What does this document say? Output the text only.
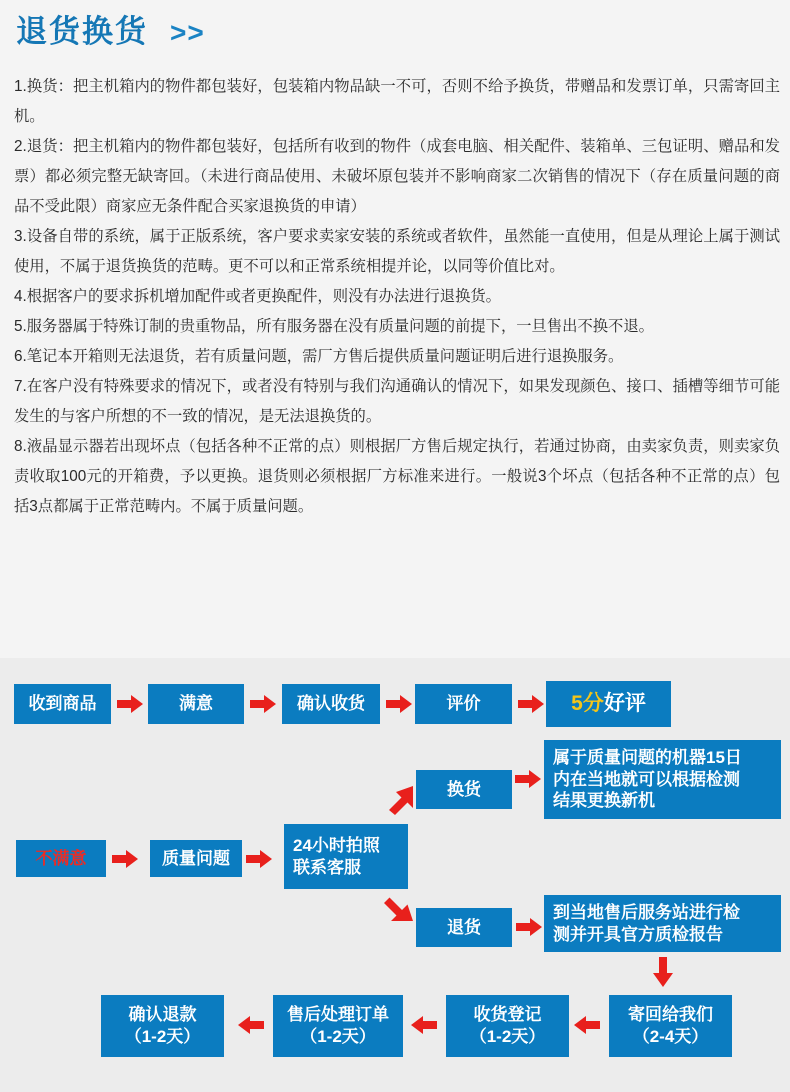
退货换货 >>
1.换货：把主机箱内的物件都包装好，包装箱内物品缺一不可，否则不给予换货，带赠品和发票订单，只需寄回主机。
2.退货：把主机箱内的物件都包装好，包括所有收到的物件（成套电脑、相关配件、装箱单、三包证明、赠品和发票）都必须完整无缺寄回。（未进行商品使用、未破坏原包装并不影响商家二次销售的情况下（存在质量问题的商品不受此限）商家应无条件配合买家退换货的申请）
3.设备自带的系统，属于正版系统，客户要求卖家安装的系统或者软件，虽然能一直使用，但是从理论上属于测试使用，不属于退货换货的范畴。更不可以和正常系统相提并论，以同等价值比对。
4.根据客户的要求拆机增加配件或者更换配件，则没有办法进行退换货。
5.服务器属于特殊订制的贵重物品，所有服务器在没有质量问题的前提下，一旦售出不换不退。
6.笔记本开箱则无法退货，若有质量问题，需厂方售后提供质量问题证明后进行退换服务。
7.在客户没有特殊要求的情况下，或者没有特别与我们沟通确认的情况下，如果发现颜色、接口、插槽等细节可能发生的与客户所想的不一致的情况，是无法退换货的。
8.液晶显示器若出现坏点（包括各种不正常的点）则根据厂方售后规定执行，若通过协商，由卖家负责，则卖家负责收取100元的开箱费，予以更换。退货则必须根据厂方标准来进行。一般说3个坏点（包括各种不正常的点）包括3点都属于正常范畴内。不属于质量问题。
收到商品	满意	确认收货	评价	5分 好评
属于质量问题的机器15日
内在当地就可以根据检测
结果更换新机
换货
不满意	质量问题
24小时拍照
联系客服
退货
到当地售后服务站进行检
测并开具官方质检报告
寄回给我们
（2-4天）
收货登记
（1-2天）
售后处理订单
（1-2天）
确认退款
（1-2天）
